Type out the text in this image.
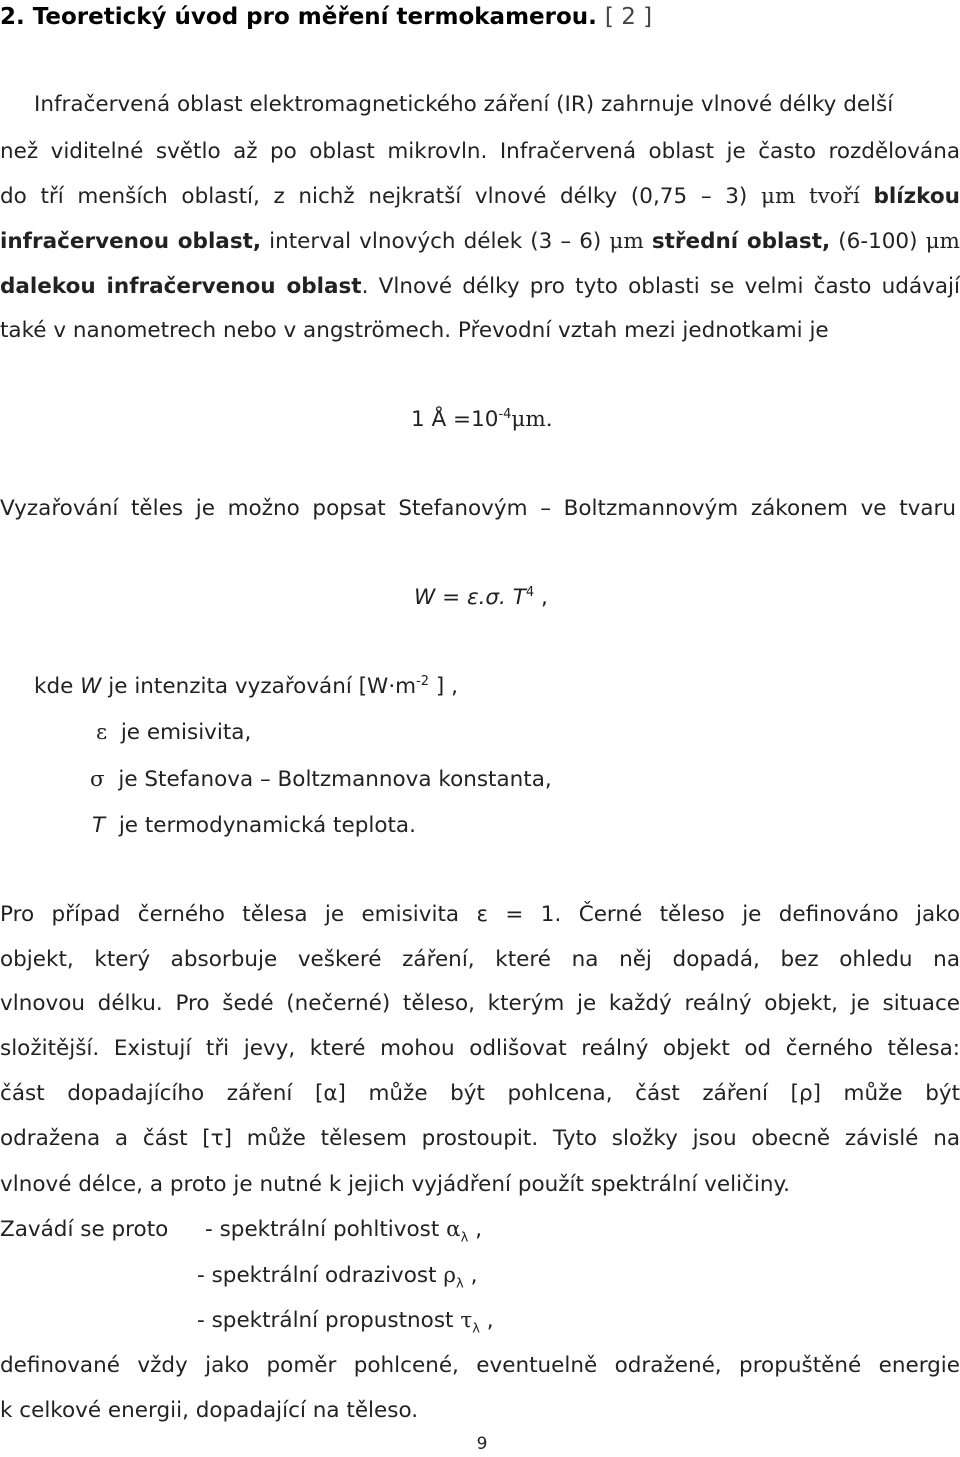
2. Teoretický úvod pro měření termokamerou. [ 2 ]

Infračervená oblast elektromagnetického záření (IR) zahrnuje vlnové délky delší

než viditelné světlo až po oblast mikrovln. Infračervená oblast je často rozdělována

do tří menších oblastí, z nichž nejkratší vlnové délky (0,75 – 3) μm tvoří blízkou

infračervenou oblast, interval vlnových délek (3 – 6) μm střední oblast, (6-100) μm

dalekou infračervenou oblast. Vlnové délky pro tyto oblasti se velmi často udávají

také v nanometrech nebo v angströmech. Převodní vztah mezi jednotkami je

1 Å $=10^{-4}\mu m$.

Vyzařování těles je možno popsat Stefanovým – Boltzmannovým zákonem ve tvaru

W = ε.σ. $T^4$ ,

kde W je intenzita vyzařování [$W\cdot m^{-2}$ ] ,

ε je emisivita,

σ je Stefanova – Boltzmannova konstanta,

T je termodynamická teplota.

Pro případ černého tělesa je emisivita ε = 1. Černé těleso je definováno jako

objekt, který absorbuje veškeré záření, které na něj dopadá, bez ohledu na

vlnovou délku. Pro šedé (nečerné) těleso, kterým je každý reálný objekt, je situace

složitější. Existují tři jevy, které mohou odlišovat reálný objekt od černého tělesa:

část dopadajícího záření [α] může být pohlcena, část záření [ρ] může být

odražena a část [τ] může tělesem prostoupit. Tyto složky jsou obecně závislé na

vlnové délce, a proto je nutné k jejich vyjádření použít spektrální veličiny.

Zavádí se proto - spektrální pohltivost $\alpha_\lambda$ ,

- spektrální odrazivost $\rho_\lambda$ ,

- spektrální propustnost $\tau_\lambda$ ,

definované vždy jako poměr pohlcené, eventuelně odražené, propuštěné energie

k celkové energii, dopadající na těleso.

9
